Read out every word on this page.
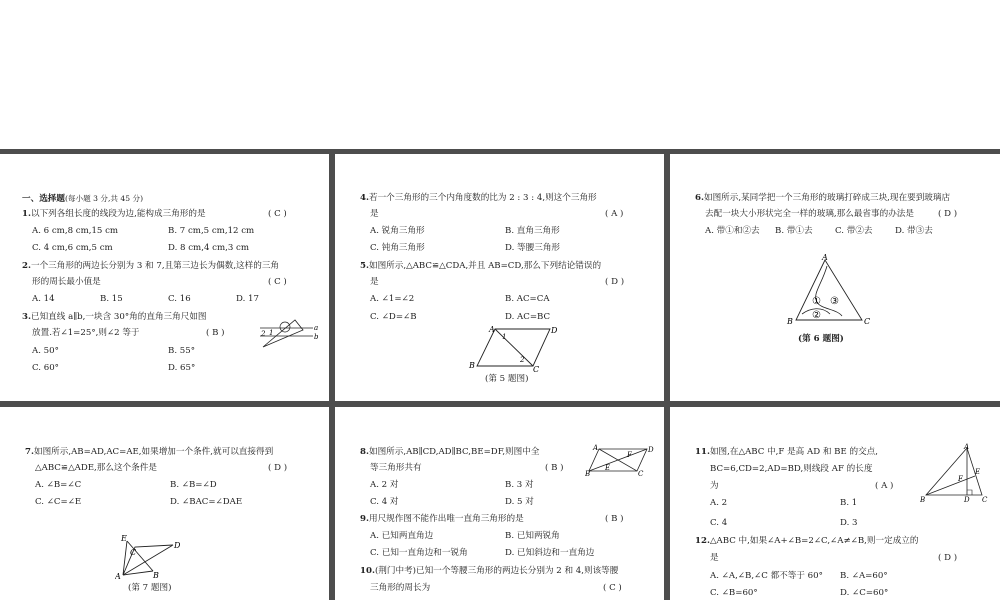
一、选择题(每小题 3 分,共 45 分)
1.以下列各组长度的线段为边,能构成三角形的是	( C )
A. 6 cm,8 cm,15 cm	B. 7 cm,5 cm,12 cm
C. 4 cm,6 cm,5 cm	D. 8 cm,4 cm,3 cm
2.一个三角形的两边长分别为 3 和 7,且第三边长为偶数,这样的三角
形的周长最小值是	( C )
A. 14	B. 15	C. 16	D. 17
3.已知直线 a∥b,一块含 30°角的直角三角尺如图
放置.若∠1=25°,则∠2 等于	( B )
A. 50°	B. 55°
C. 60°	D. 65°
2 1
a
b
4.若一个三角形的三个内角度数的比为 2 : 3 : 4,则这个三角形
是	( A )
A. 锐角三角形	B. 直角三角形
C. 钝角三角形	D. 等腰三角形
5.如图所示,△ABC≌△CDA,并且 AB=CD,那么下列结论错误的
是	( D )
A. ∠1=∠2	B. AC=CA
C. ∠D=∠B	D. AC=BC
A	D
B	C
1
2
(第 5 题图)
6.如图所示,某同学把一个三角形的玻璃打碎成三块,现在要到玻璃店
去配一块大小形状完全一样的玻璃,那么最省事的办法是	( D )
A. 带①和②去 B. 带①去	C. 带②去	D. 带③去
A
B	C
① ③
②
(第 6 题图)
7.如图所示,AB=AD,AC=AE,如果增加一个条件,就可以直接得到
△ABC≌△ADE,那么这个条件是	( D )
A. ∠B=∠C	B. ∠B=∠D
C. ∠C=∠E	D. ∠BAC=∠DAE
E
D
A
C
B
(第 7 题图)
8.如图所示,AB∥CD,AD∥BC,BE=DF,则图中全
等三角形共有	( B )
A. 2 对	B. 3 对
C. 4 对	D. 5 对
A	D
B	C
E
F
9.用尺规作图不能作出唯一直角三角形的是	( B )
A. 已知两直角边	B. 已知两锐角
C. 已知一直角边和一锐角	D. 已知斜边和一直角边
10.(荆门中考)已知一个等腰三角形的两边长分别为 2 和 4,则该等腰
三角形的周长为	( C )
11.如图,在△ABC 中,F 是高 AD 和 BE 的交点,
BC=6,CD=2,AD=BD,则线段 AF 的长度
为	( A )
A. 2	B. 1
C. 4	D. 3
A
E
F
B	D C
12.△ABC 中,如果∠A+∠B=2∠C,∠A≠∠B,则一定成立的
是	( D )
A. ∠A,∠B,∠C 都不等于 60° B. ∠A=60°
C. ∠B=60°	D. ∠C=60°
